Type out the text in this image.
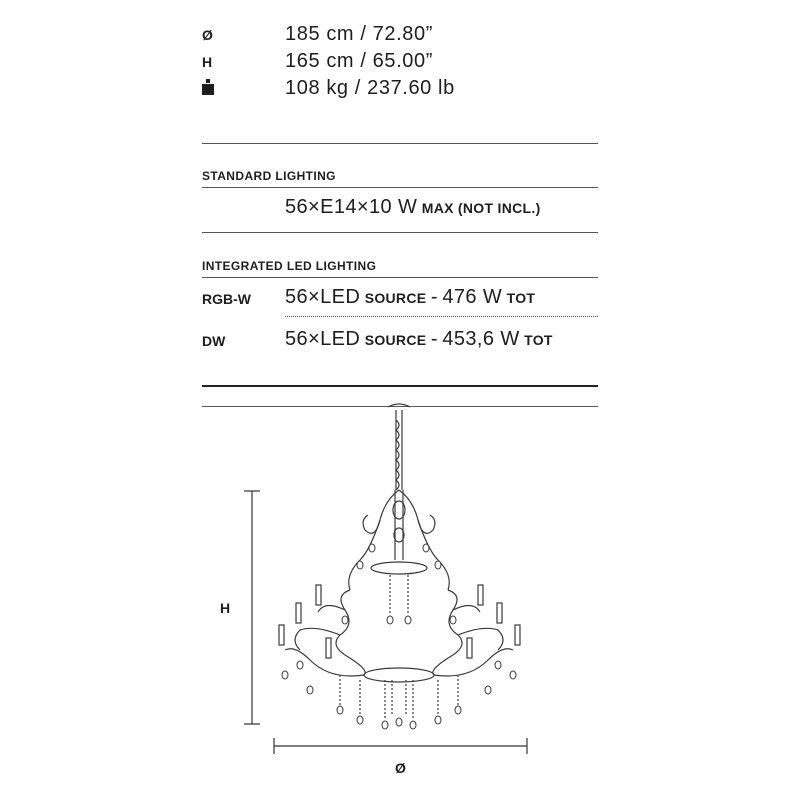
Ø	185 cm / 72.80”
H	165 cm / 65.00”
108 kg / 237.60 lb
STANDARD LIGHTING
56×E14×10 W MAX (NOT INCL.)
INTEGRATED LED LIGHTING
RGB-W 56×LED SOURCE - 476 W TOT
DW	56×LED SOURCE - 453,6 W TOT
H
Ø
